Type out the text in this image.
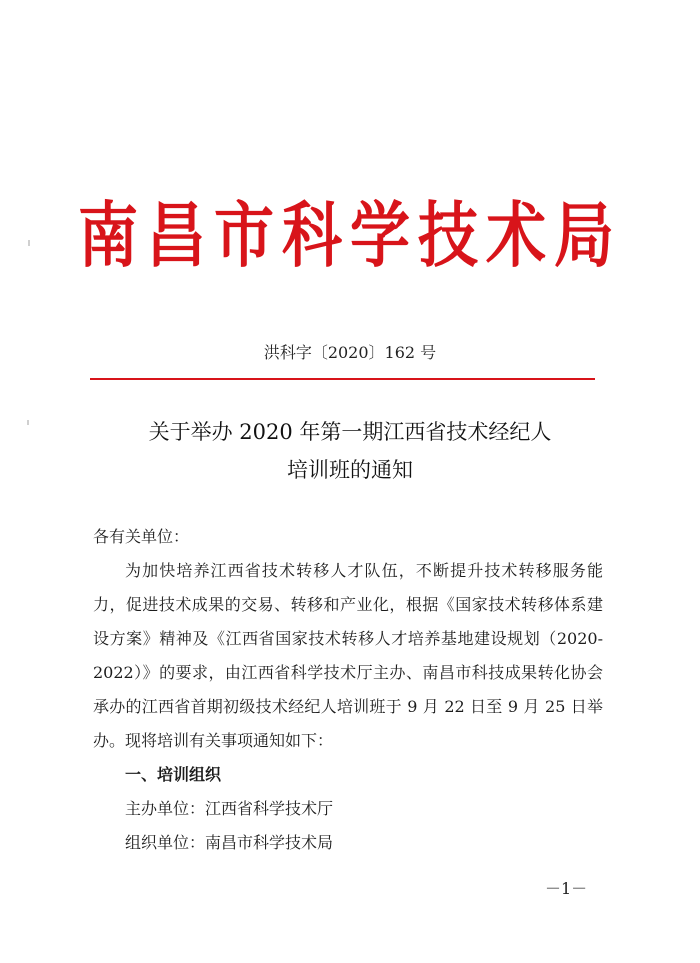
南昌市科学技术局
洪科字〔2020〕162 号
关于举办 2020 年第一期江西省技术经纪人
培训班的通知

各有关单位：

为加快培养江西省技术转移人才队伍，不断提升技术转移服务能力，促进技术成果的交易、转移和产业化，根据《国家技术转移体系建设方案》精神及《江西省国家技术转移人才培养基地建设规划（2020-2022）》的要求，由江西省科学技术厅主办、南昌市科技成果转化协会承办的江西省首期初级技术经纪人培训班于 9 月 22 日至 9 月 25 日举办。现将培训有关事项通知如下：

一、培训组织

主办单位：江西省科学技术厅

组织单位：南昌市科学技术局

－1－
